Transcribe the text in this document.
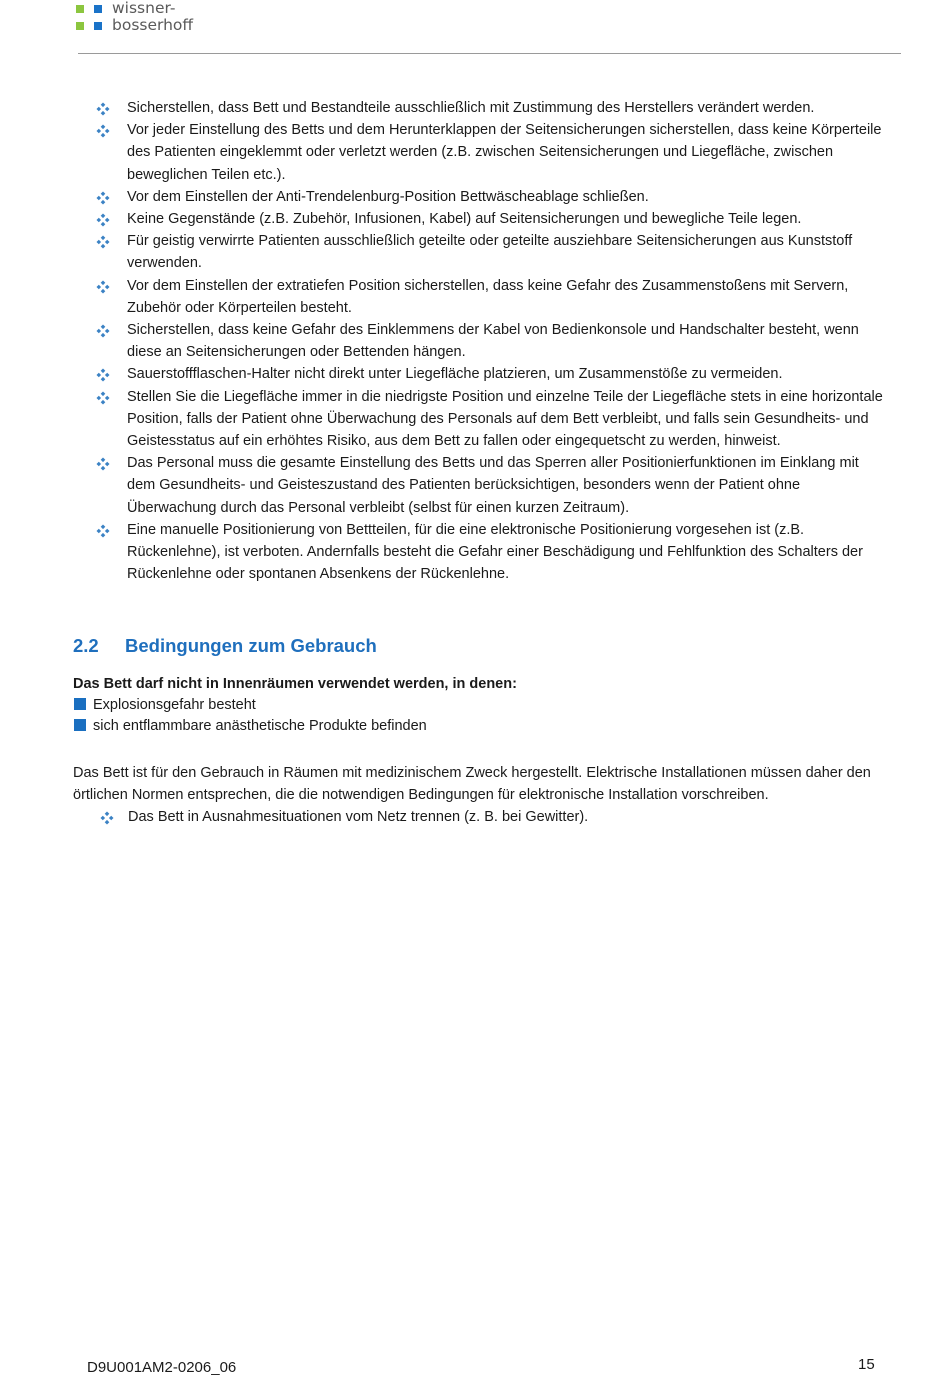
wissner-
bosserhoff
Sicherstellen, dass Bett und Bestandteile ausschließlich mit Zustimmung des Herstellers verändert werden.
Vor jeder Einstellung des Betts und dem Herunterklappen der Seitensicherungen sicherstellen, dass keine Körperteile des Patienten eingeklemmt oder verletzt werden (z.B. zwischen Seitensicherungen und Liegefläche, zwischen beweglichen Teilen etc.).
Vor dem Einstellen der Anti-Trendelenburg-Position Bettwäscheablage schließen.
Keine Gegenstände (z.B. Zubehör, Infusionen, Kabel) auf Seitensicherungen und bewegliche Teile legen.
Für geistig verwirrte Patienten ausschließlich geteilte oder geteilte ausziehbare Seitensicherungen aus Kunststoff verwenden.
Vor dem Einstellen der extratiefen Position sicherstellen, dass keine Gefahr des Zusammenstoßens mit Servern, Zubehör oder Körperteilen besteht.
Sicherstellen, dass keine Gefahr des Einklemmens der Kabel von Bedienkonsole und Handschalter besteht, wenn diese an Seitensicherungen oder Bettenden hängen.
Sauerstoffflaschen-Halter nicht direkt unter Liegefläche platzieren, um Zusammenstöße zu vermeiden.
Stellen Sie die Liegefläche immer in die niedrigste Position und einzelne Teile der Liegefläche stets in eine horizontale Position, falls der Patient ohne Überwachung des Personals auf dem Bett verbleibt, und falls sein Gesundheits- und Geistesstatus auf ein erhöhtes Risiko, aus dem Bett zu fallen oder eingequetscht zu werden, hinweist.
Das Personal muss die gesamte Einstellung des Betts und das Sperren aller Positionierfunktionen im Einklang mit dem Gesundheits- und Geisteszustand des Patienten berücksichtigen, besonders wenn der Patient ohne Überwachung durch das Personal verbleibt (selbst für einen kurzen Zeitraum).
Eine manuelle Positionierung von Bettteilen, für die eine elektronische Positionierung vorgesehen ist (z.B. Rückenlehne), ist verboten. Andernfalls besteht die Gefahr einer Beschädigung und Fehlfunktion des Schalters der Rückenlehne oder spontanen Absenkens der Rückenlehne.
2.2 Bedingungen zum Gebrauch
Das Bett darf nicht in Innenräumen verwendet werden, in denen:
Explosionsgefahr besteht
sich entflammbare anästhetische Produkte befinden
Das Bett ist für den Gebrauch in Räumen mit medizinischem Zweck hergestellt. Elektrische Installationen müssen daher den örtlichen Normen entsprechen, die die notwendigen Bedingungen für elektronische Installation vorschreiben.
Das Bett in Ausnahmesituationen vom Netz trennen (z. B. bei Gewitter).
D9U001AM2-0206_06	15
